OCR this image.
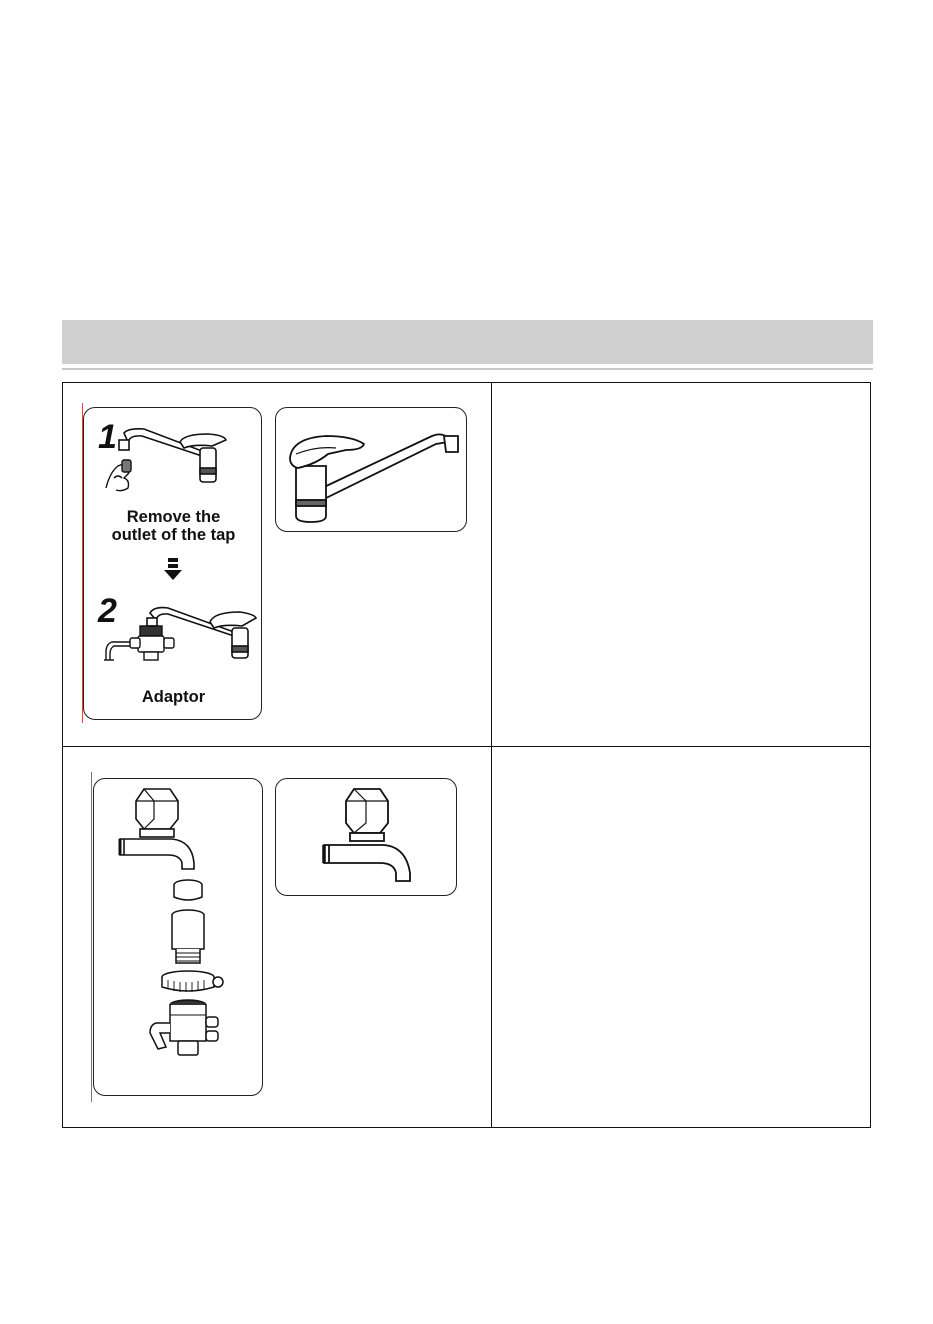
1
Remove the
outlet of the tap
2
Adaptor
